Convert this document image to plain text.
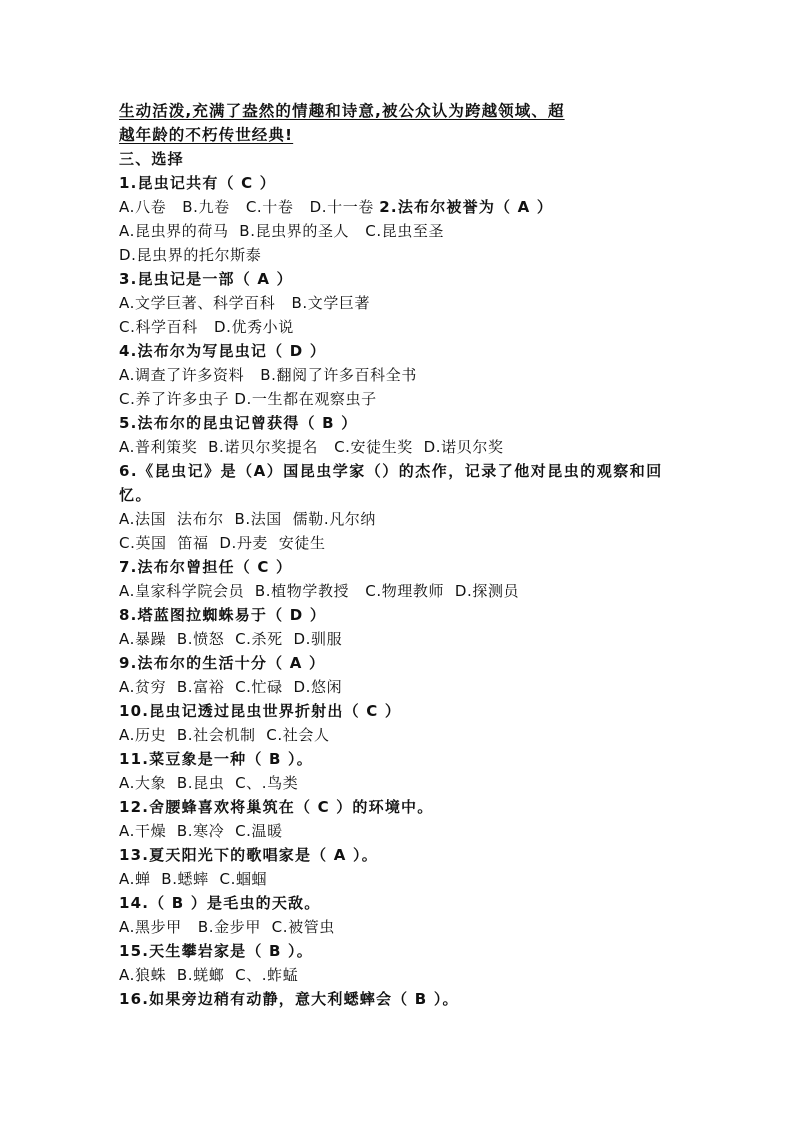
生动活泼,充满了盎然的情趣和诗意,被公众认为跨越领域、超
越年龄的不朽传世经典!
三、选择
1.昆虫记共有（ C ）
A.八卷   B.九卷   C.十卷   D.十一卷 2.法布尔被誉为（ A ）
A.昆虫界的荷马  B.昆虫界的圣人   C.昆虫至圣
D.昆虫界的托尔斯泰
3.昆虫记是一部（ A ）
A.文学巨著、科学百科   B.文学巨著
C.科学百科   D.优秀小说
4.法布尔为写昆虫记（ D ）
A.调查了许多资料   B.翻阅了许多百科全书
C.养了许多虫子 D.一生都在观察虫子
5.法布尔的昆虫记曾获得（ B ）
A.普利策奖  B.诺贝尔奖提名   C.安徒生奖  D.诺贝尔奖
6.《昆虫记》是（A）国昆虫学家（）的杰作，记录了他对昆虫的观察和回忆。
A.法国  法布尔  B.法国  儒勒.凡尔纳
C.英国  笛福  D.丹麦  安徒生
7.法布尔曾担任（ C ）
A.皇家科学院会员  B.植物学教授   C.物理教师  D.探测员
8.塔蓝图拉蜘蛛易于（ D ）
A.暴躁  B.愤怒  C.杀死  D.驯服
9.法布尔的生活十分（ A ）
A.贫穷  B.富裕  C.忙碌  D.悠闲
10.昆虫记透过昆虫世界折射出（ C ）
A.历史  B.社会机制  C.社会人
11.菜豆象是一种（ B ）。
A.大象  B.昆虫  C、.鸟类
12.舍腰蜂喜欢将巢筑在（ C ）的环境中。
A.干燥  B.寒冷  C.温暖
13.夏天阳光下的歌唱家是（ A ）。
A.蝉  B.蟋蟀  C.蝈蝈
14.（ B ）是毛虫的天敌。
A.黑步甲   B.金步甲  C.被管虫
15.天生攀岩家是（ B ）。
A.狼蛛  B.蜣螂  C、.蚱蜢
16.如果旁边稍有动静，意大利蟋蟀会（ B ）。
